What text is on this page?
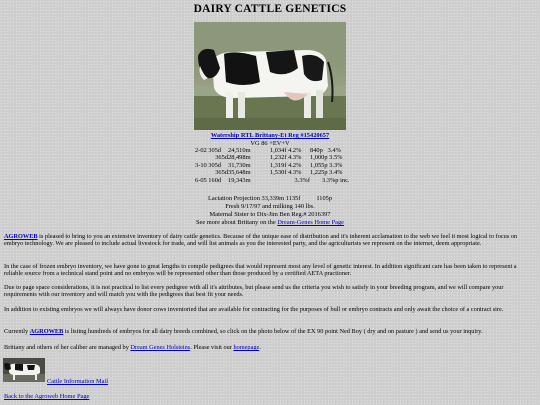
DAIRY CATTLE GENETICS
Watership RTL Brittany-Et Reg #15420657
VG 86 +EV+V
2-02 305d	24,510m	1,034f 4.2%	840p   3.4%
365d 28,498m	1,232f 4.3%	1,000p 3.5%
3-10 305d	31,730m	1,319f 4.2%	1,055p 3.3%
365d 35,648m	1,530f 4.3%	1,225p 3.4%
6-05 160d	19,343m	3.3%f	3.3%p inc.
Lactation Projection 33,339m 1135f          1105p
Fresh 9/17/97 and milking 140 lbs.
Maternal Sister to Dix-Jim Ben Reg.# 2016397
See more about Brittany on the Dream-Genes Home Page

AGROWEB is pleased to bring to you an extensive inventory of dairy cattle genetics. Because of the unique ease of distribution and it's inherent acclamation to the web we feel it most logical to focus on embryo technology. We are pleased to include actual livestock for trade, and will list animals as you the interested party, and the agriculturists we represent on the internet, deem appropriate.

In the case of frozen embryo inventory, we have gone to great lengths to compile pedigrees that would represent most any level of genetic interest. In addition significant care has been taken to represent a reliable source from a technical stand point and no embryos will be represented other than those produced by a certified AETA practioner.

Due to page space considerations, it is not practical to list every pedigree with all it's attributes, but please send us the criteria you wish to satisfy in your breeding program, and we will compare your requirements with our inventory and will match you with the pedigrees that best fit your needs.

In addition to existing embryos we will always have donor cows inventoried that are available for contracting for the purposes of bull or embryo contracts and only await the choice of a contract sire.

Currently AGROWEB is listing hundreds of embryos for all dairy breeds combined, so click on the photo below of the EX 90 point Ned Boy ( dry and on pasture ) and send us your inquiry.

Brittany and others of her caliber are managed by Dream Genes Holsteins. Please visit our homepage.

Cattle Information Mail
Back to the Agroweb Home Page
